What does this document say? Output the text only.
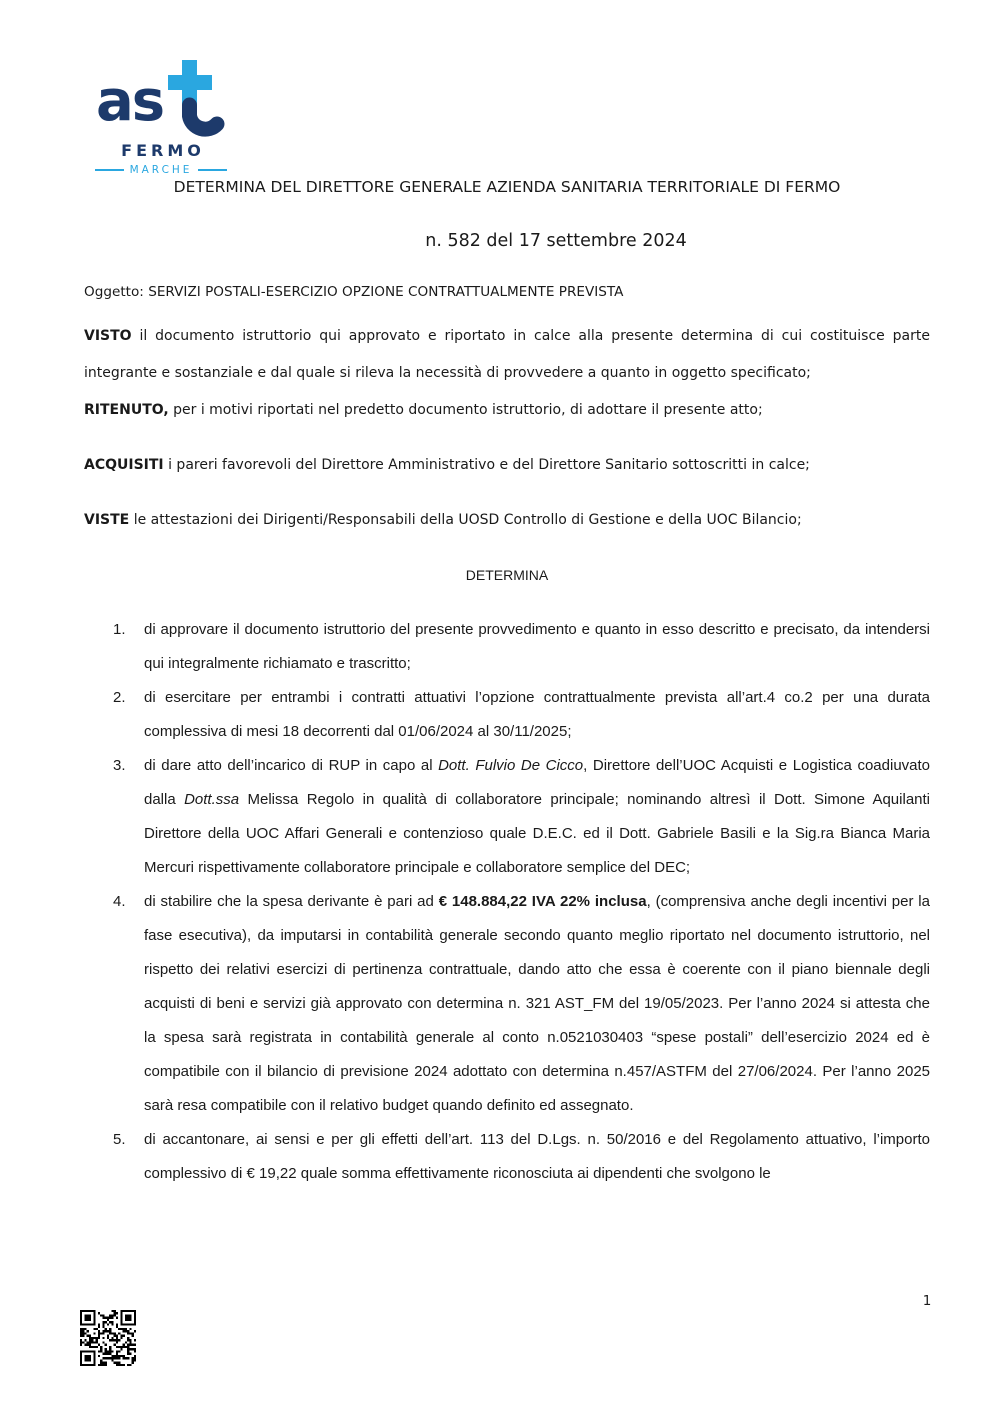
as
FERMO
MARCHE
DETERMINA DEL DIRETTORE GENERALE AZIENDA SANITARIA TERRITORIALE DI FERMO
n. 582 del 17 settembre 2024

Oggetto: SERVIZI POSTALI-ESERCIZIO OPZIONE CONTRATTUALMENTE PREVISTA

VISTO il documento istruttorio qui approvato e riportato in calce alla presente determina di cui costituisce parte integrante e sostanziale e dal quale si rileva la necessità di provvedere a quanto in oggetto specificato;

RITENUTO, per i motivi riportati nel predetto documento istruttorio, di adottare il presente atto;

ACQUISITI i pareri favorevoli del Direttore Amministrativo e del Direttore Sanitario sottoscritti in calce;

VISTE le attestazioni dei Dirigenti/Responsabili della UOSD Controllo di Gestione e della UOC Bilancio;

DETERMINA
di approvare il documento istruttorio del presente provvedimento e quanto in esso descritto e precisato, da intendersi qui integralmente richiamato e trascritto;
di esercitare per entrambi i contratti attuativi l’opzione contrattualmente prevista all’art.4 co.2 per una durata complessiva di mesi 18 decorrenti dal 01/06/2024 al 30/11/2025;
di dare atto dell’incarico di RUP in capo al Dott. Fulvio De Cicco, Direttore dell’UOC Acquisti e Logistica coadiuvato dalla Dott.ssa Melissa Regolo in qualità di collaboratore principale; nominando altresì il Dott. Simone Aquilanti Direttore della UOC Affari Generali e contenzioso quale D.E.C. ed il Dott. Gabriele Basili e la Sig.ra Bianca Maria Mercuri rispettivamente collaboratore principale e collaboratore semplice del DEC;
di stabilire che la spesa derivante è pari ad € 148.884,22 IVA 22% inclusa, (comprensiva anche degli incentivi per la fase esecutiva), da imputarsi in contabilità generale secondo quanto meglio riportato nel documento istruttorio, nel rispetto dei relativi esercizi di pertinenza contrattuale, dando atto che essa è coerente con il piano biennale degli acquisti di beni e servizi già approvato con determina n. 321 AST_FM del 19/05/2023. Per l’anno 2024 si attesta che la spesa sarà registrata in contabilità generale al conto n.0521030403 “spese postali” dell’esercizio 2024 ed è compatibile con il bilancio di previsione 2024 adottato con determina n.457/ASTFM del 27/06/2024. Per l’anno 2025 sarà resa compatibile con il relativo budget quando definito ed assegnato.
di accantonare, ai sensi e per gli effetti dell’art. 113 del D.Lgs. n. 50/2016 e del Regolamento attuativo, l’importo complessivo di € 19,22 quale somma effettivamente riconosciuta ai dipendenti che svolgono le
1
